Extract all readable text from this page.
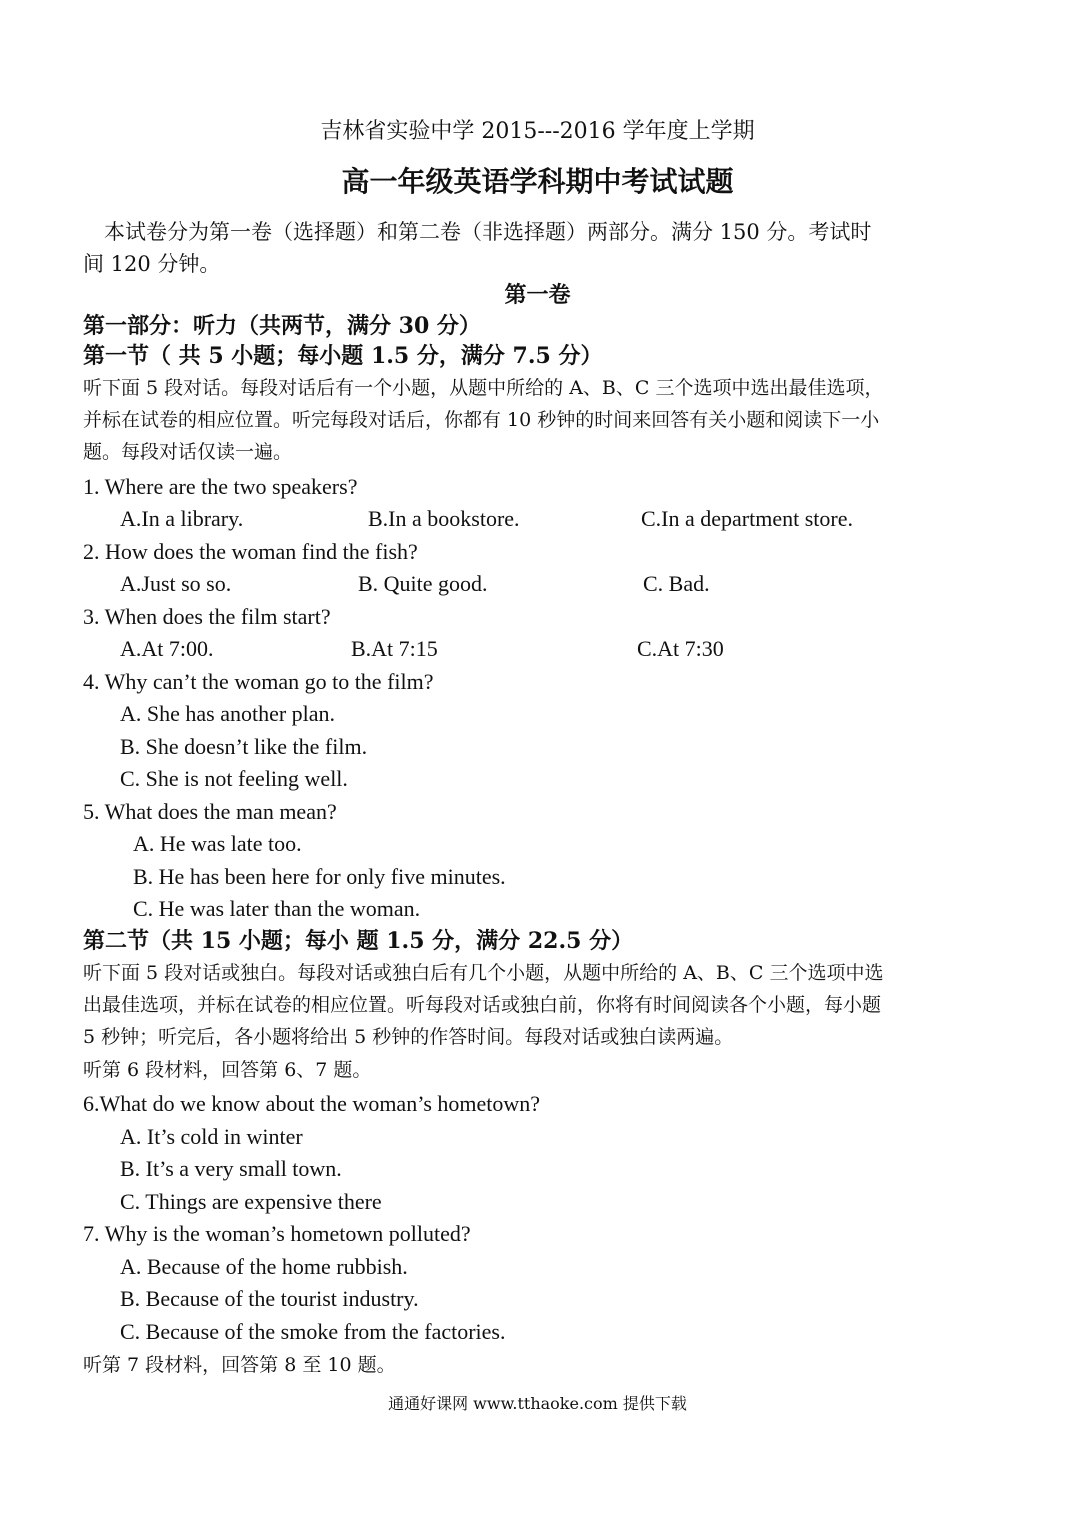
吉林省实验中学 2015---2016 学年度上学期
高一年级英语学科期中考试试题
本试卷分为第一卷（选择题）和第二卷（非选择题）两部分。满分 150 分。考试时
间 120 分钟。
第一卷
第一部分：听力（共两节，满分 30 分）
第一节（ 共 5 小题；每小题 1.5 分，满分 7.5 分）
听下面 5 段对话。每段对话后有一个小题，从题中所给的 A、B、C 三个选项中选出最佳选项，
并标在试卷的相应位置。听完每段对话后，你都有 10 秒钟的时间来回答有关小题和阅读下一小
题。每段对话仅读一遍。
1. Where are the two speakers?
A.In a library.	B.In a bookstore.	C.In a department store.
2. How does the woman find the fish?
A.Just so so.	B. Quite good.	C. Bad.
3. When does the film start?
A.At 7:00.	B.At 7:15	C.At 7:30
4. Why can’t the woman go to the film?
A. She has another plan.
B. She doesn’t like the film.
C. She is not feeling well.
5. What does the man mean?
A. He was late too.
B. He has been here for only five minutes.
C. He was later than the woman.
第二节（共 15 小题；每小 题 1.5 分，满分 22.5 分）
听下面 5 段对话或独白。每段对话或独白后有几个小题，从题中所给的 A、B、C 三个选项中选
出最佳选项，并标在试卷的相应位置。听每段对话或独白前，你将有时间阅读各个小题，每小题
5 秒钟；听完后，各小题将给出 5 秒钟的作答时间。每段对话或独白读两遍。
听第 6 段材料，回答第 6、7 题。
6.What do we know about the woman’s hometown?
A. It’s cold in winter
B. It’s a very small town.
C. Things are expensive there
7. Why is the woman’s hometown polluted?
A. Because of the home rubbish.
B. Because of the tourist industry.
C. Because of the smoke from the factories.
听第 7 段材料，回答第 8 至 10 题。
通通好课网 www.tthaoke.com 提供下载
